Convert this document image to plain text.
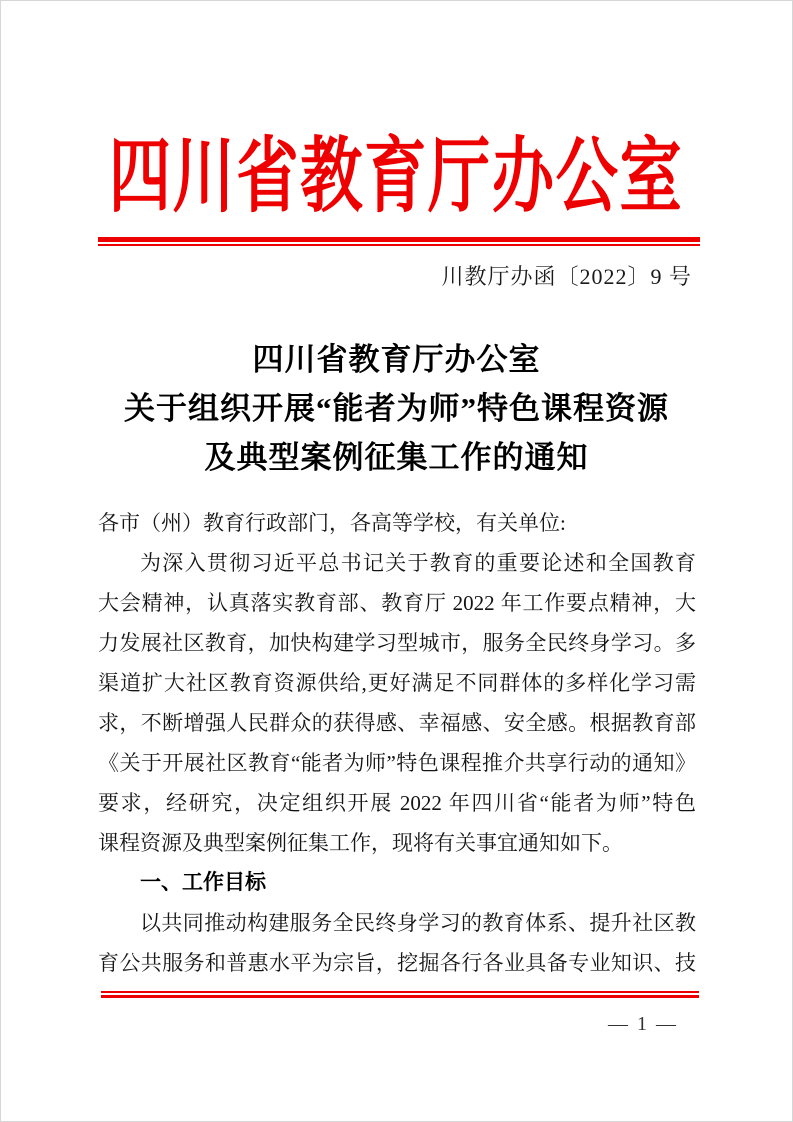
四川省教育厅办公室
川教厅办函〔2022〕9 号
四川省教育厅办公室
关于组织开展“能者为师”特色课程资源
及典型案例征集工作的通知
各市（州）教育行政部门，各高等学校，有关单位:
为深入贯彻习近平总书记关于教育的重要论述和全国教育
大会精神，认真落实教育部、教育厅 2022 年工作要点精神，大
力发展社区教育，加快构建学习型城市，服务全民终身学习。多
渠道扩大社区教育资源供给,更好满足不同群体的多样化学习需
求，不断增强人民群众的获得感、幸福感、安全感。根据教育部
《关于开展社区教育“能者为师”特色课程推介共享行动的通知》
要求，经研究，决定组织开展 2022 年四川省“能者为师”特色
课程资源及典型案例征集工作，现将有关事宜通知如下。
一、工作目标
以共同推动构建服务全民终身学习的教育体系、提升社区教
育公共服务和普惠水平为宗旨，挖掘各行各业具备专业知识、技
— 1 —
